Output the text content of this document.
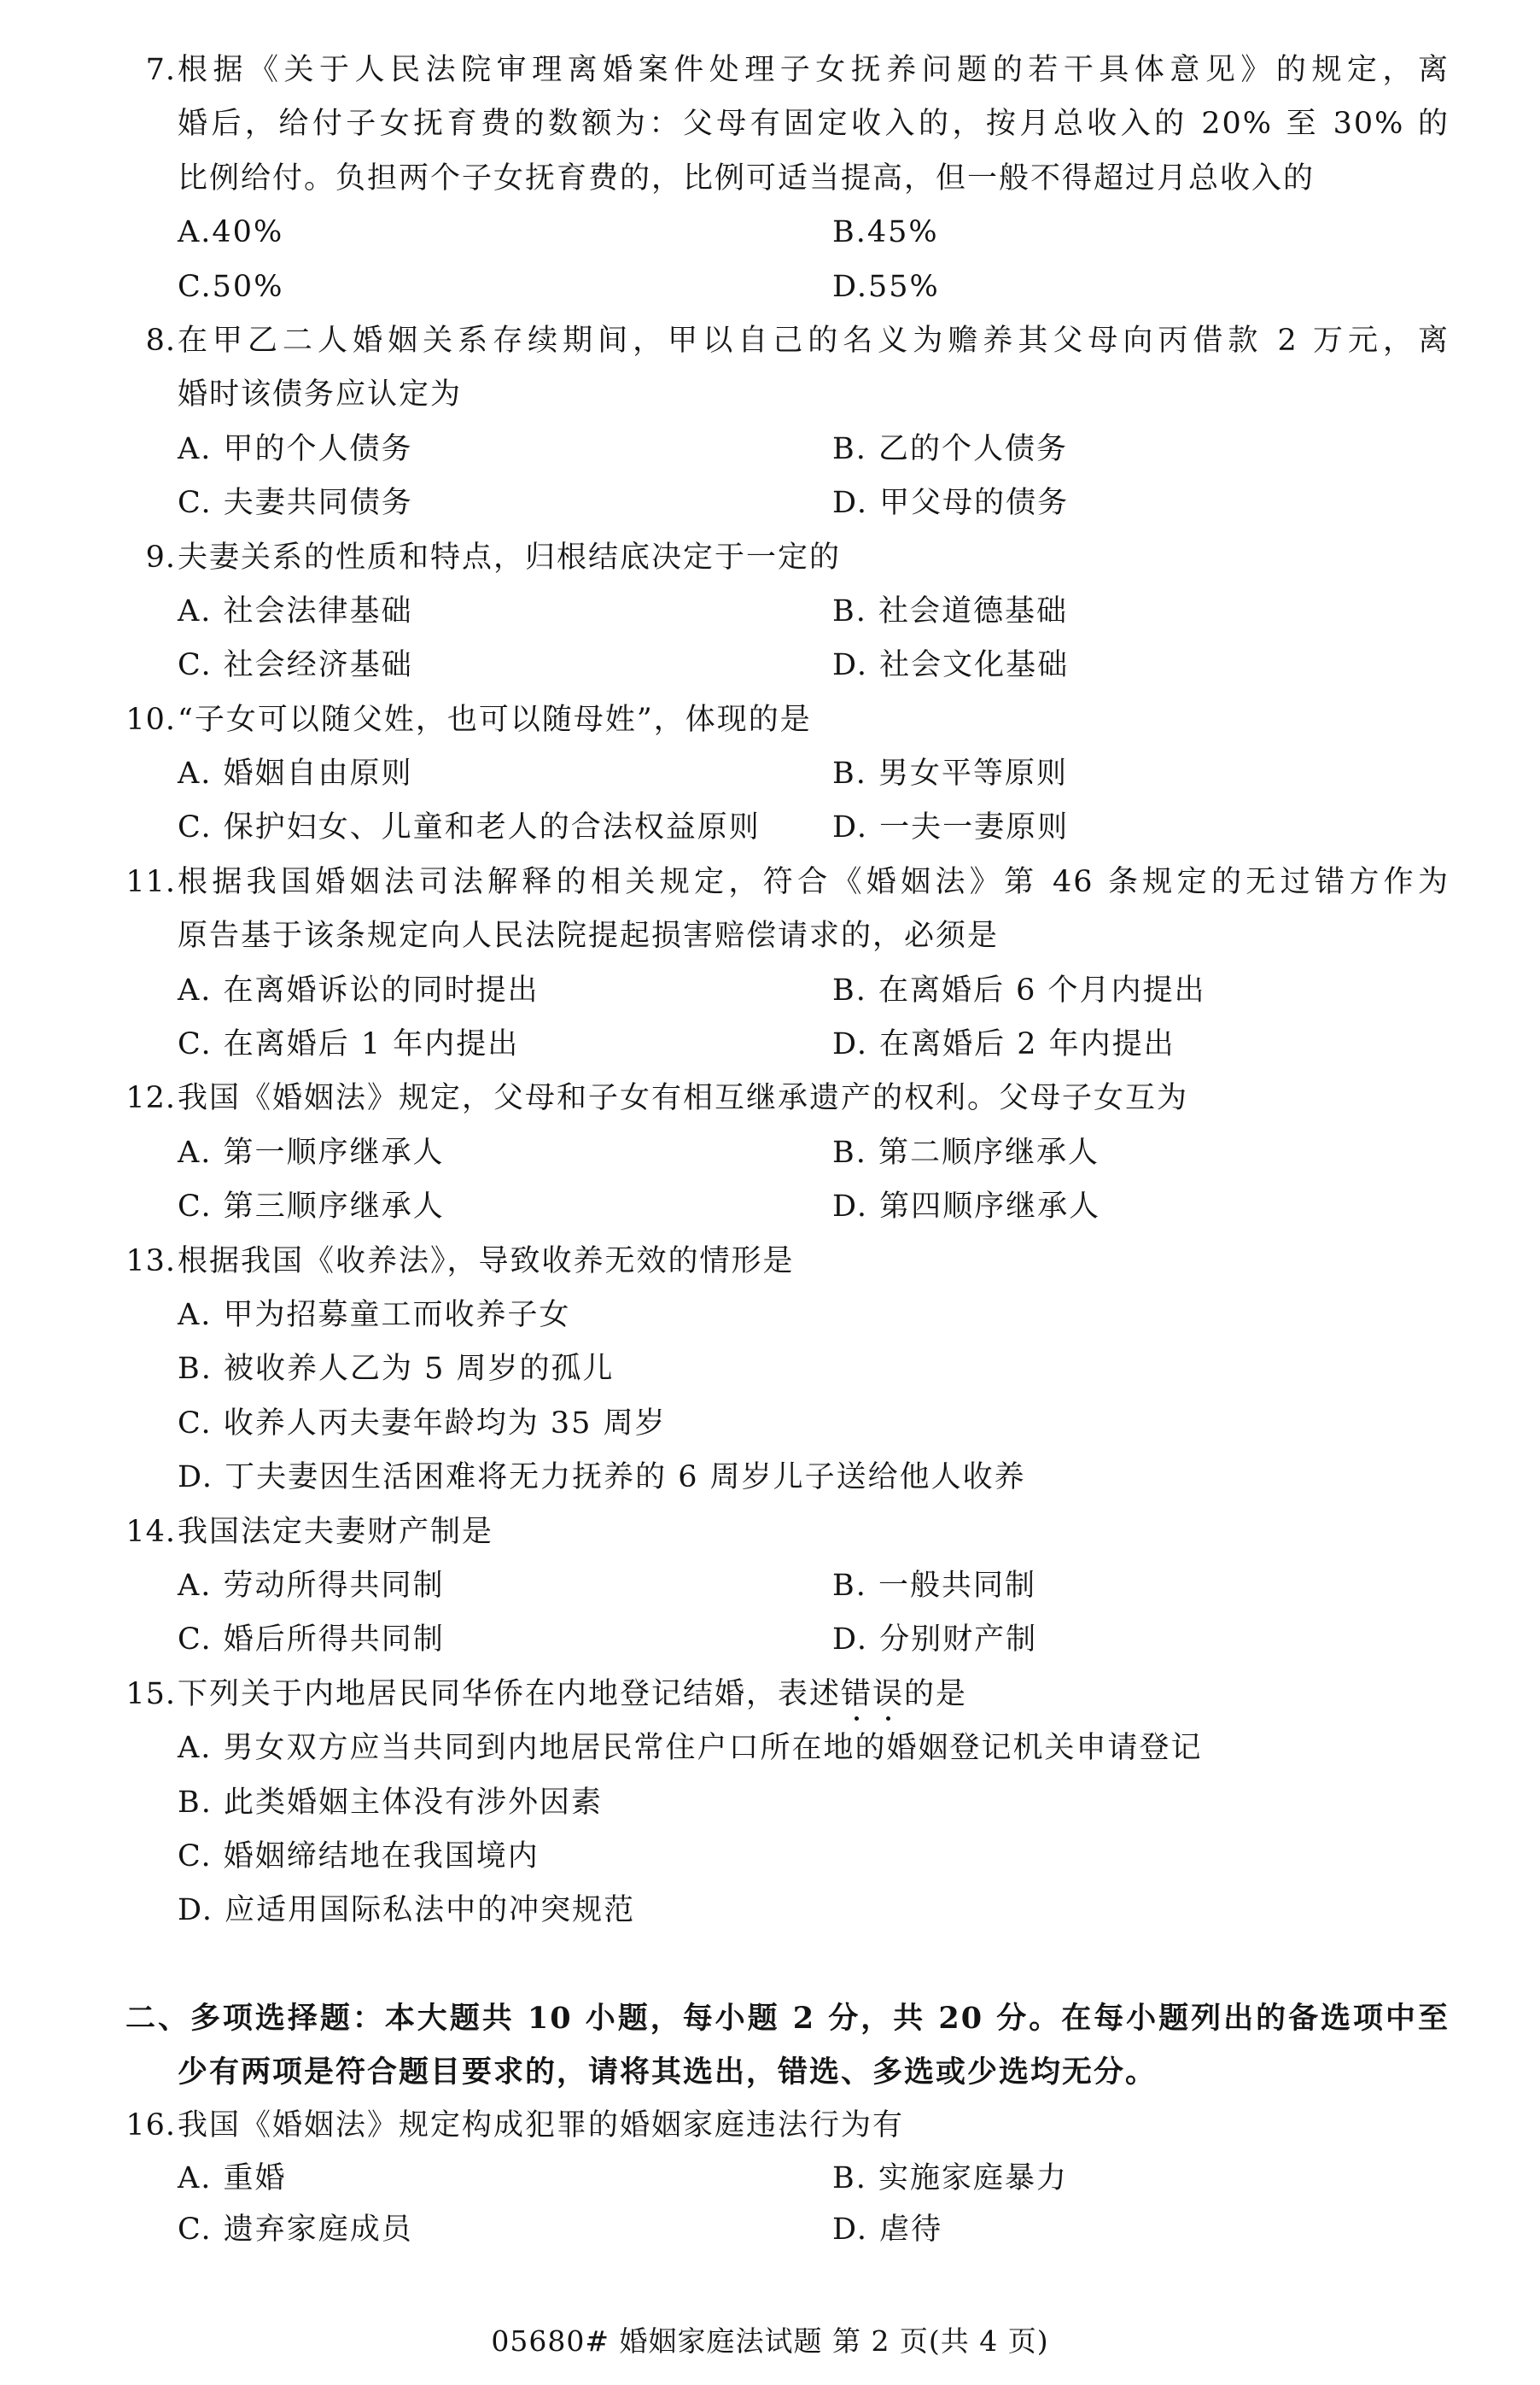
7. 根据《关于人民法院审理离婚案件处理子女抚养问题的若干具体意见》的规定，离
婚后，给付子女抚育费的数额为：父母有固定收入的，按月总收入的 20% 至 30% 的
比例给付。负担两个子女抚育费的，比例可适当提高，但一般不得超过月总收入的
A.40%	B.45%
C.50%	D.55%
8. 在甲乙二人婚姻关系存续期间，甲以自己的名义为赡养其父母向丙借款 2 万元，离
婚时该债务应认定为
A. 甲的个人债务	B. 乙的个人债务
C. 夫妻共同债务	D. 甲父母的债务
9. 夫妻关系的性质和特点，归根结底决定于一定的
A. 社会法律基础	B. 社会道德基础
C. 社会经济基础	D. 社会文化基础
10. “子女可以随父姓，也可以随母姓”，体现的是
A. 婚姻自由原则	B. 男女平等原则
C. 保护妇女、儿童和老人的合法权益原则 D. 一夫一妻原则
11. 根据我国婚姻法司法解释的相关规定，符合《婚姻法》第 46 条规定的无过错方作为
原告基于该条规定向人民法院提起损害赔偿请求的，必须是
A. 在离婚诉讼的同时提出	B. 在离婚后 6 个月内提出
C. 在离婚后 1 年内提出	D. 在离婚后 2 年内提出
12. 我国《婚姻法》规定，父母和子女有相互继承遗产的权利。父母子女互为
A. 第一顺序继承人	B. 第二顺序继承人
C. 第三顺序继承人	D. 第四顺序继承人
13. 根据我国《收养法》，导致收养无效的情形是
A. 甲为招募童工而收养子女
B. 被收养人乙为 5 周岁的孤儿
C. 收养人丙夫妻年龄均为 35 周岁
D. 丁夫妻因生活困难将无力抚养的 6 周岁儿子送给他人收养
14. 我国法定夫妻财产制是
A. 劳动所得共同制	B. 一般共同制
C. 婚后所得共同制	D. 分别财产制
15. 下列关于内地居民同华侨在内地登记结婚，表述错误的是
A. 男女双方应当共同到内地居民常住户口所在地的婚姻登记机关申请登记
B. 此类婚姻主体没有涉外因素
C. 婚姻缔结地在我国境内
D. 应适用国际私法中的冲突规范
二、多项选择题：本大题共 10 小题，每小题 2 分，共 20 分。在每小题列出的备选项中至
少有两项是符合题目要求的，请将其选出，错选、多选或少选均无分。
16. 我国《婚姻法》规定构成犯罪的婚姻家庭违法行为有
A. 重婚	B. 实施家庭暴力
C. 遗弃家庭成员	D. 虐待
05680# 婚姻家庭法试题 第 2 页(共 4 页)
